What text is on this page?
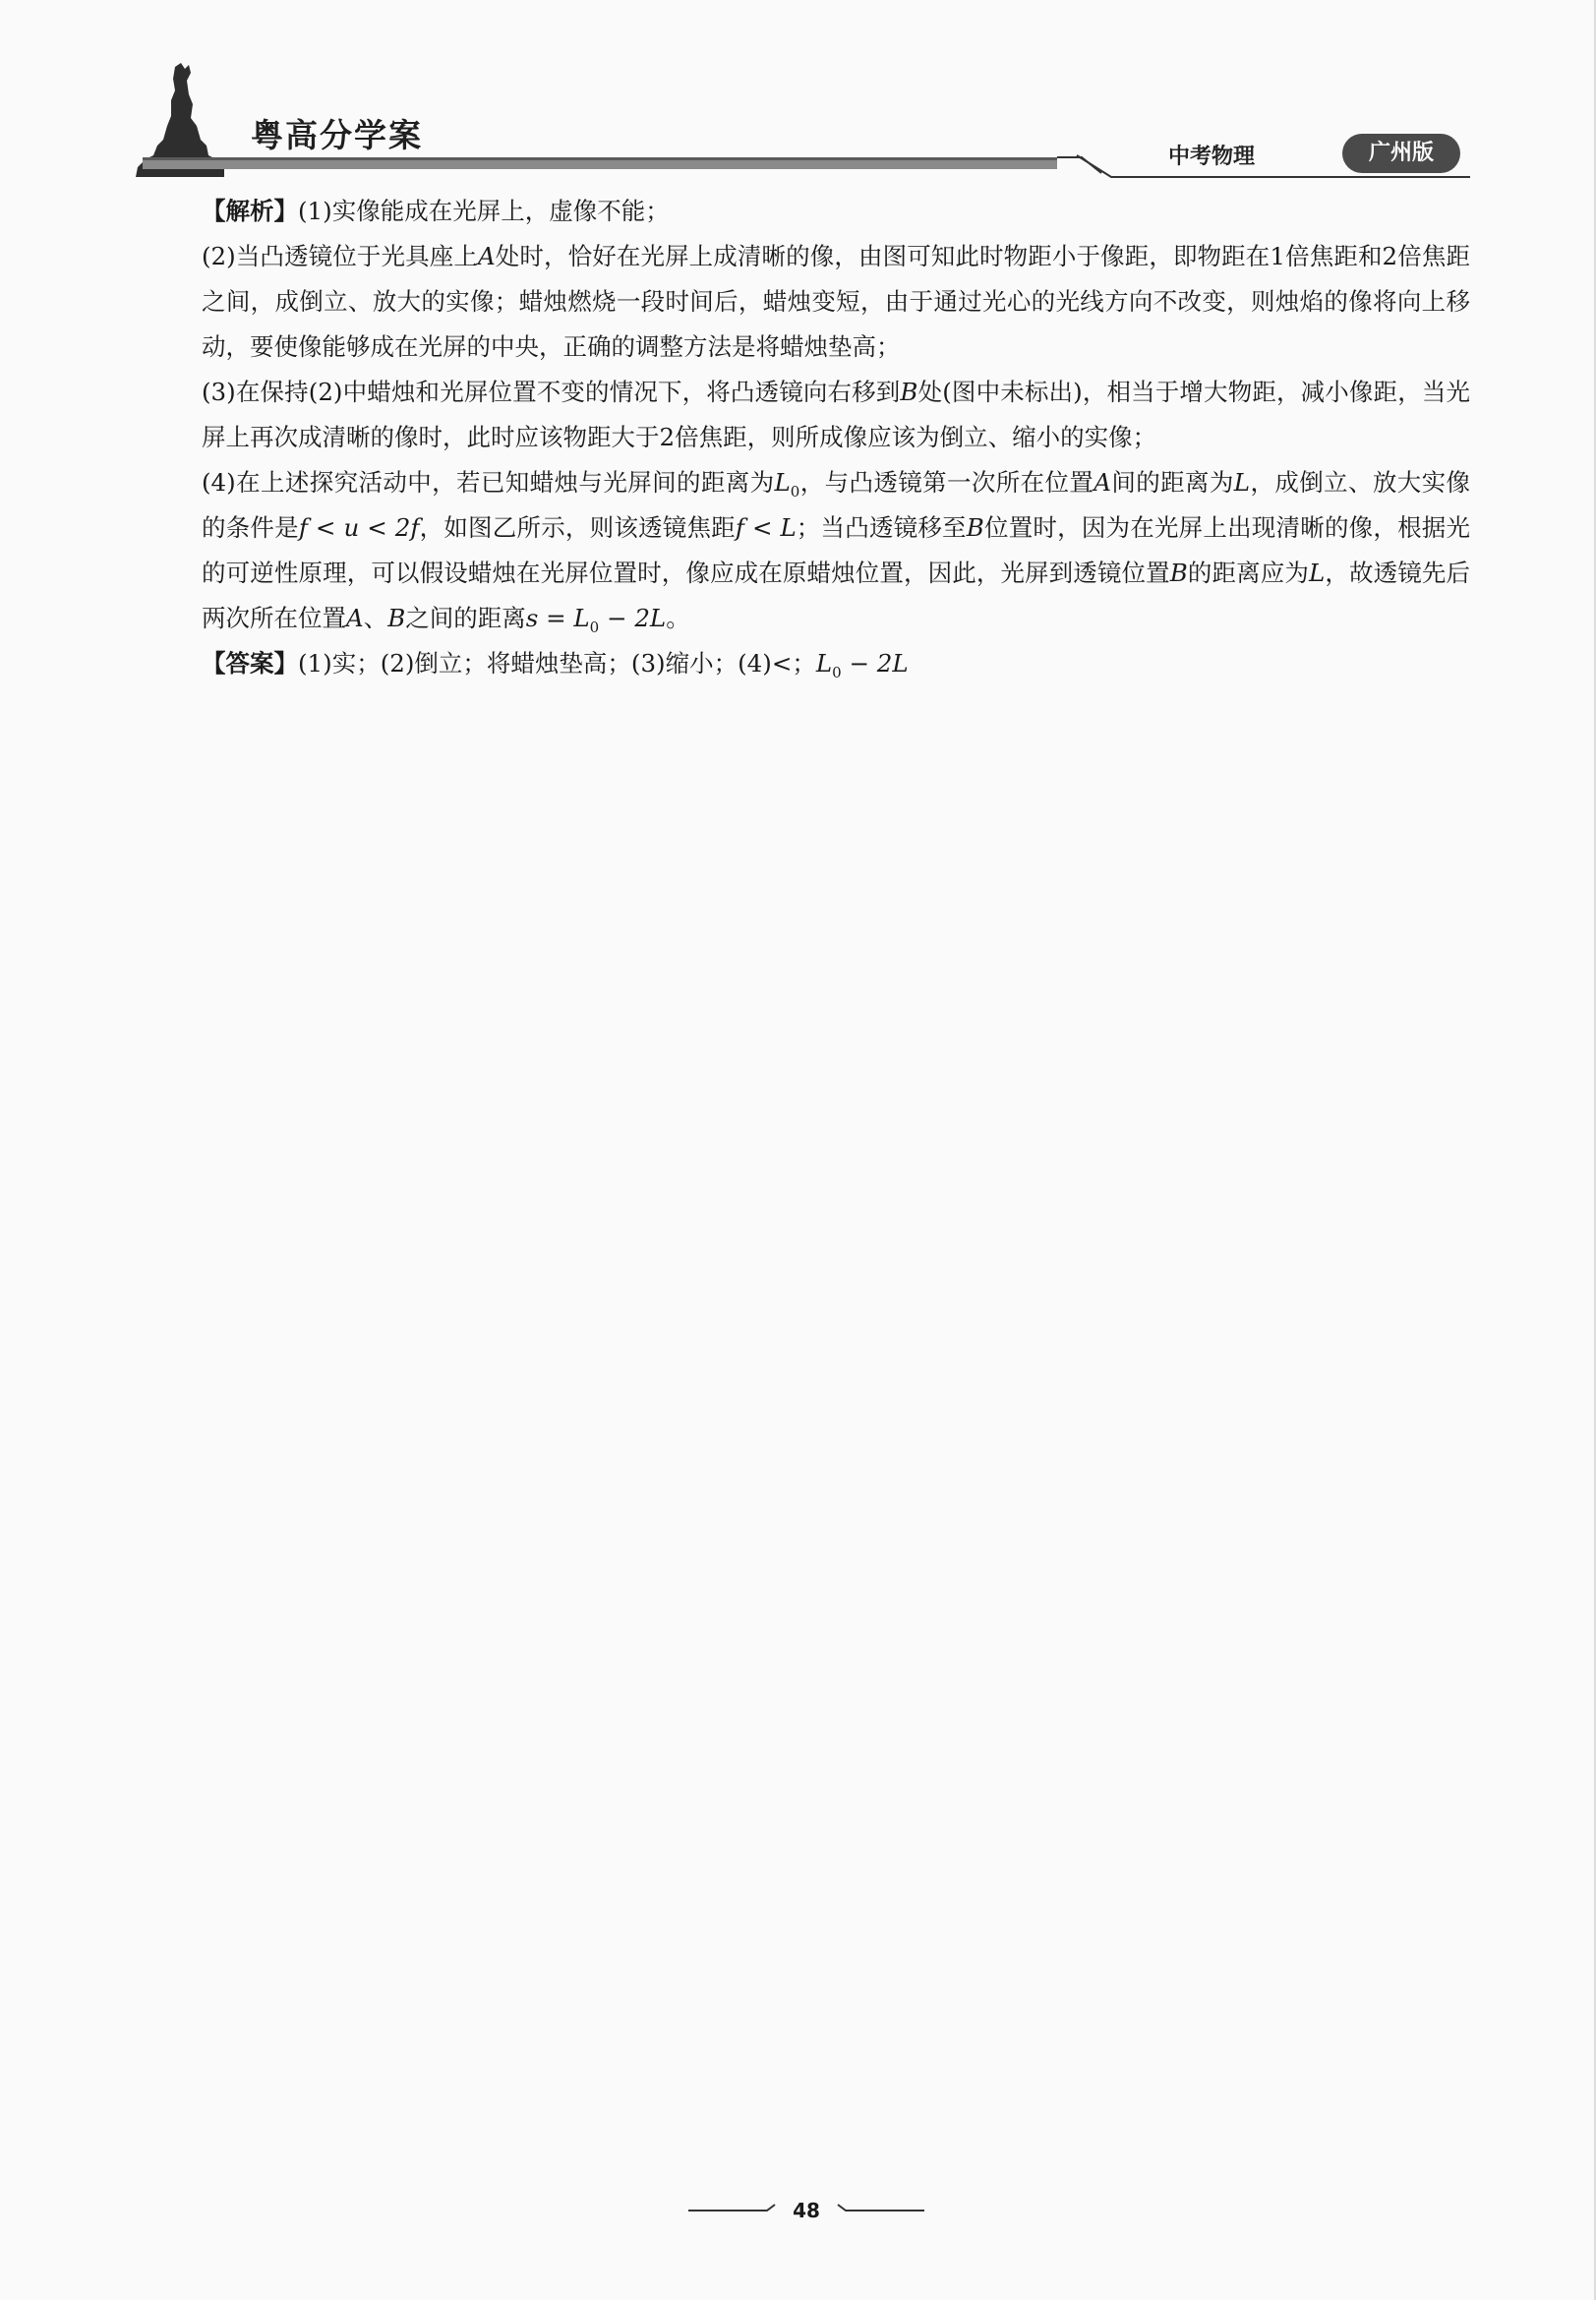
粤高分学案
中考物理	广州版

【解析】(1)实像能成在光屏上，虚像不能；

(2)当凸透镜位于光具座上A处时，恰好在光屏上成清晰的像，由图可知此时物距小于像距，即物距在1倍焦距和2倍焦距之间，成倒立、放大的实像；蜡烛燃烧一段时间后，蜡烛变短，由于通过光心的光线方向不改变，则烛焰的像将向上移动，要使像能够成在光屏的中央，正确的调整方法是将蜡烛垫高；

(3)在保持(2)中蜡烛和光屏位置不变的情况下，将凸透镜向右移到B处(图中未标出)，相当于增大物距，减小像距，当光屏上再次成清晰的像时，此时应该物距大于2倍焦距，则所成像应该为倒立、缩小的实像；

(4)在上述探究活动中，若已知蜡烛与光屏间的距离为$L_0$，与凸透镜第一次所在位置A间的距离为L，成倒立、放大实像的条件是f < u < 2f，如图乙所示，则该透镜焦距f < L；当凸透镜移至B位置时，因为在光屏上出现清晰的像，根据光的可逆性原理，可以假设蜡烛在光屏位置时，像应成在原蜡烛位置，因此，光屏到透镜位置B的距离应为L，故透镜先后两次所在位置A、B之间的距离$s = L_0 - 2L$。

【答案】(1)实；(2)倒立；将蜡烛垫高；(3)缩小；(4)<；$L_0 - 2L$

48
